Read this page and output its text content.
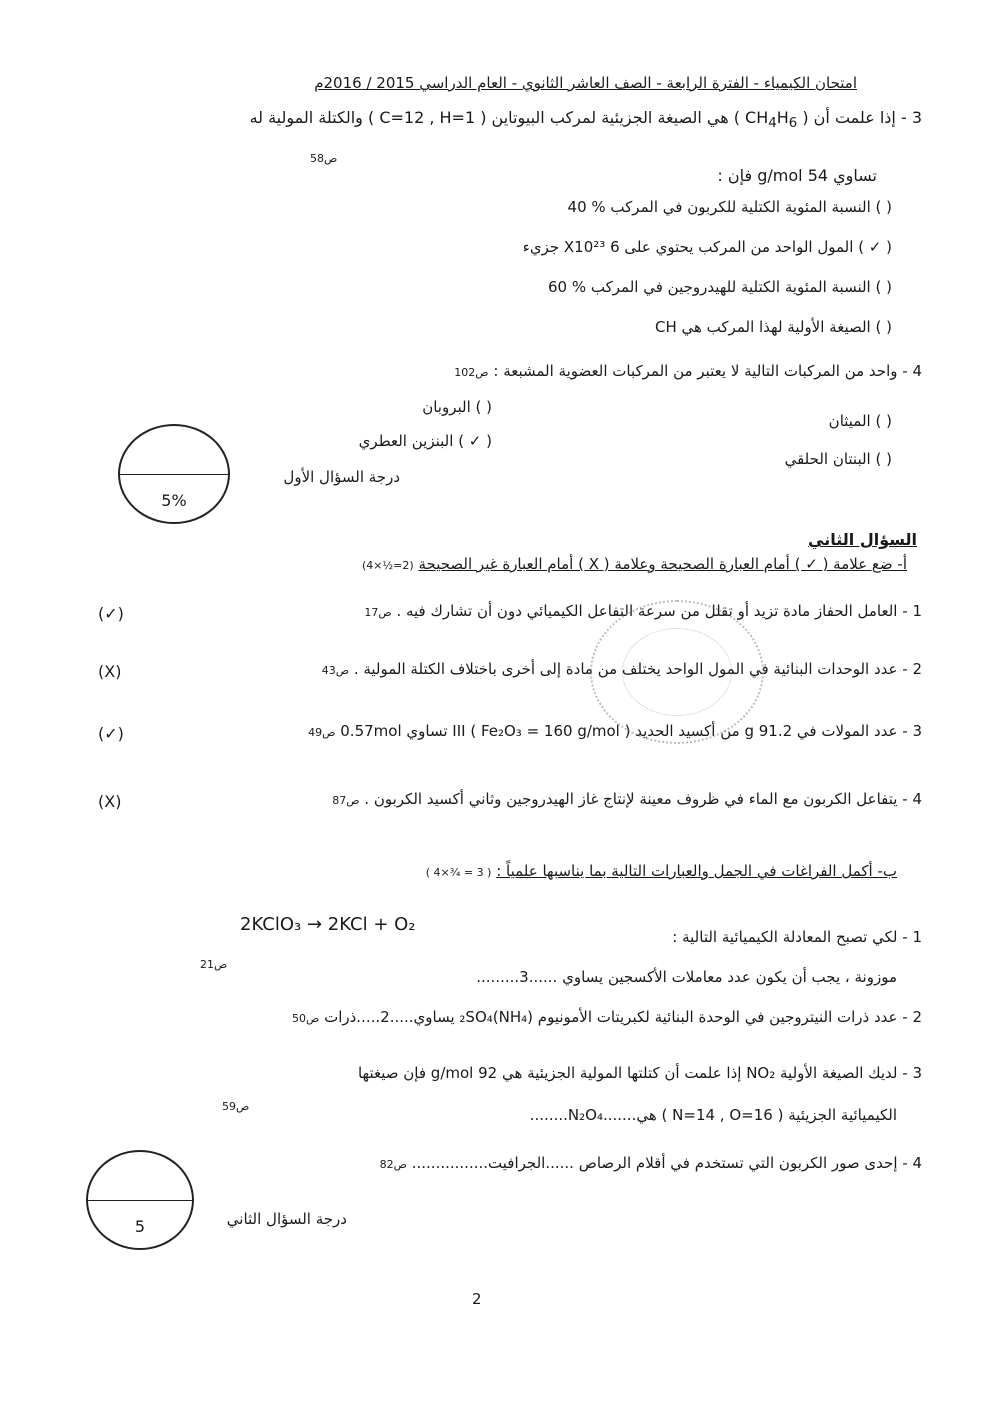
امتحان الكيمياء - الفترة الرابعة - الصف العاشر الثانوي - العام الدراسي 2015 / 2016م
3 - إذا علمت أن ( $CH_4H_6$ ) هي الصيغة الجزيئية لمركب البيوتاين ( C=12 , H=1 ) والكتلة المولية له
ص58
تساوي 54 g/mol فإن :
( ) النسبة المئوية الكتلية للكربون في المركب % 40
( ✓ ) المول الواحد من المركب يحتوي على 6 X10²³ جزيء
( ) النسبة المئوية الكتلية للهيدروجين في المركب % 60
( ) الصيغة الأولية لهذا المركب هي CH
4 - واحد من المركبات التالية لا يعتبر من المركبات العضوية المشبعة : ص102
( ) الميثان
( ) البروبان
( ) البنتان الحلقي
( ✓ ) البنزين العطري
5%
درجة السؤال الأول
السؤال الثاني
أ- ضع علامة ( ✓ ) أمام العبارة الصحيحة وعلامة ( X ) أمام العبارة غير الصحيحة (2=½×4)
1 - العامل الحفاز مادة تزيد أو تقلل من سرعة التفاعل الكيميائي دون أن تشارك فيه . ص17
(✓)
2 - عدد الوحدات البنائية في المول الواحد يختلف من مادة إلى أخرى باختلاف الكتلة المولية . ص43
(X)
3 - عدد المولات في 91.2 g من أكسيد الحديد III ( Fe₂O₃ = 160 g/mol ) تساوي 0.57mol ص49
(✓)
4 - يتفاعل الكربون مع الماء في ظروف معينة لإنتاج غاز الهيدروجين وثاني أكسيد الكربون . ص87
(X)
ب- أكمل الفراغات في الجمل والعبارات التالية بما يناسبها علمياً : ( 3 = ¾×4 )
1 - لكي تصبح المعادلة الكيميائية التالية :
2KClO₃ → 2KCl + O₂
ص21
موزونة ، يجب أن يكون عدد معاملات الأكسجين يساوي ......3.........
2 - عدد ذرات النيتروجين في الوحدة البنائية لكبريتات الأمونيوم (NH₄)₂SO₄ يساوي.....2.....ذرات ص50
3 - لديك الصيغة الأولية NO₂ إذا علمت أن كتلتها المولية الجزيئية هي 92 g/mol فإن صيغتها
ص59	الكيميائية الجزيئية ( N=14 , O=16 ) هي.......N₂O₄........
4 - إحدى صور الكربون التي تستخدم في أقلام الرصاص ......الجرافيت................ ص82
5	درجة السؤال الثاني
2
